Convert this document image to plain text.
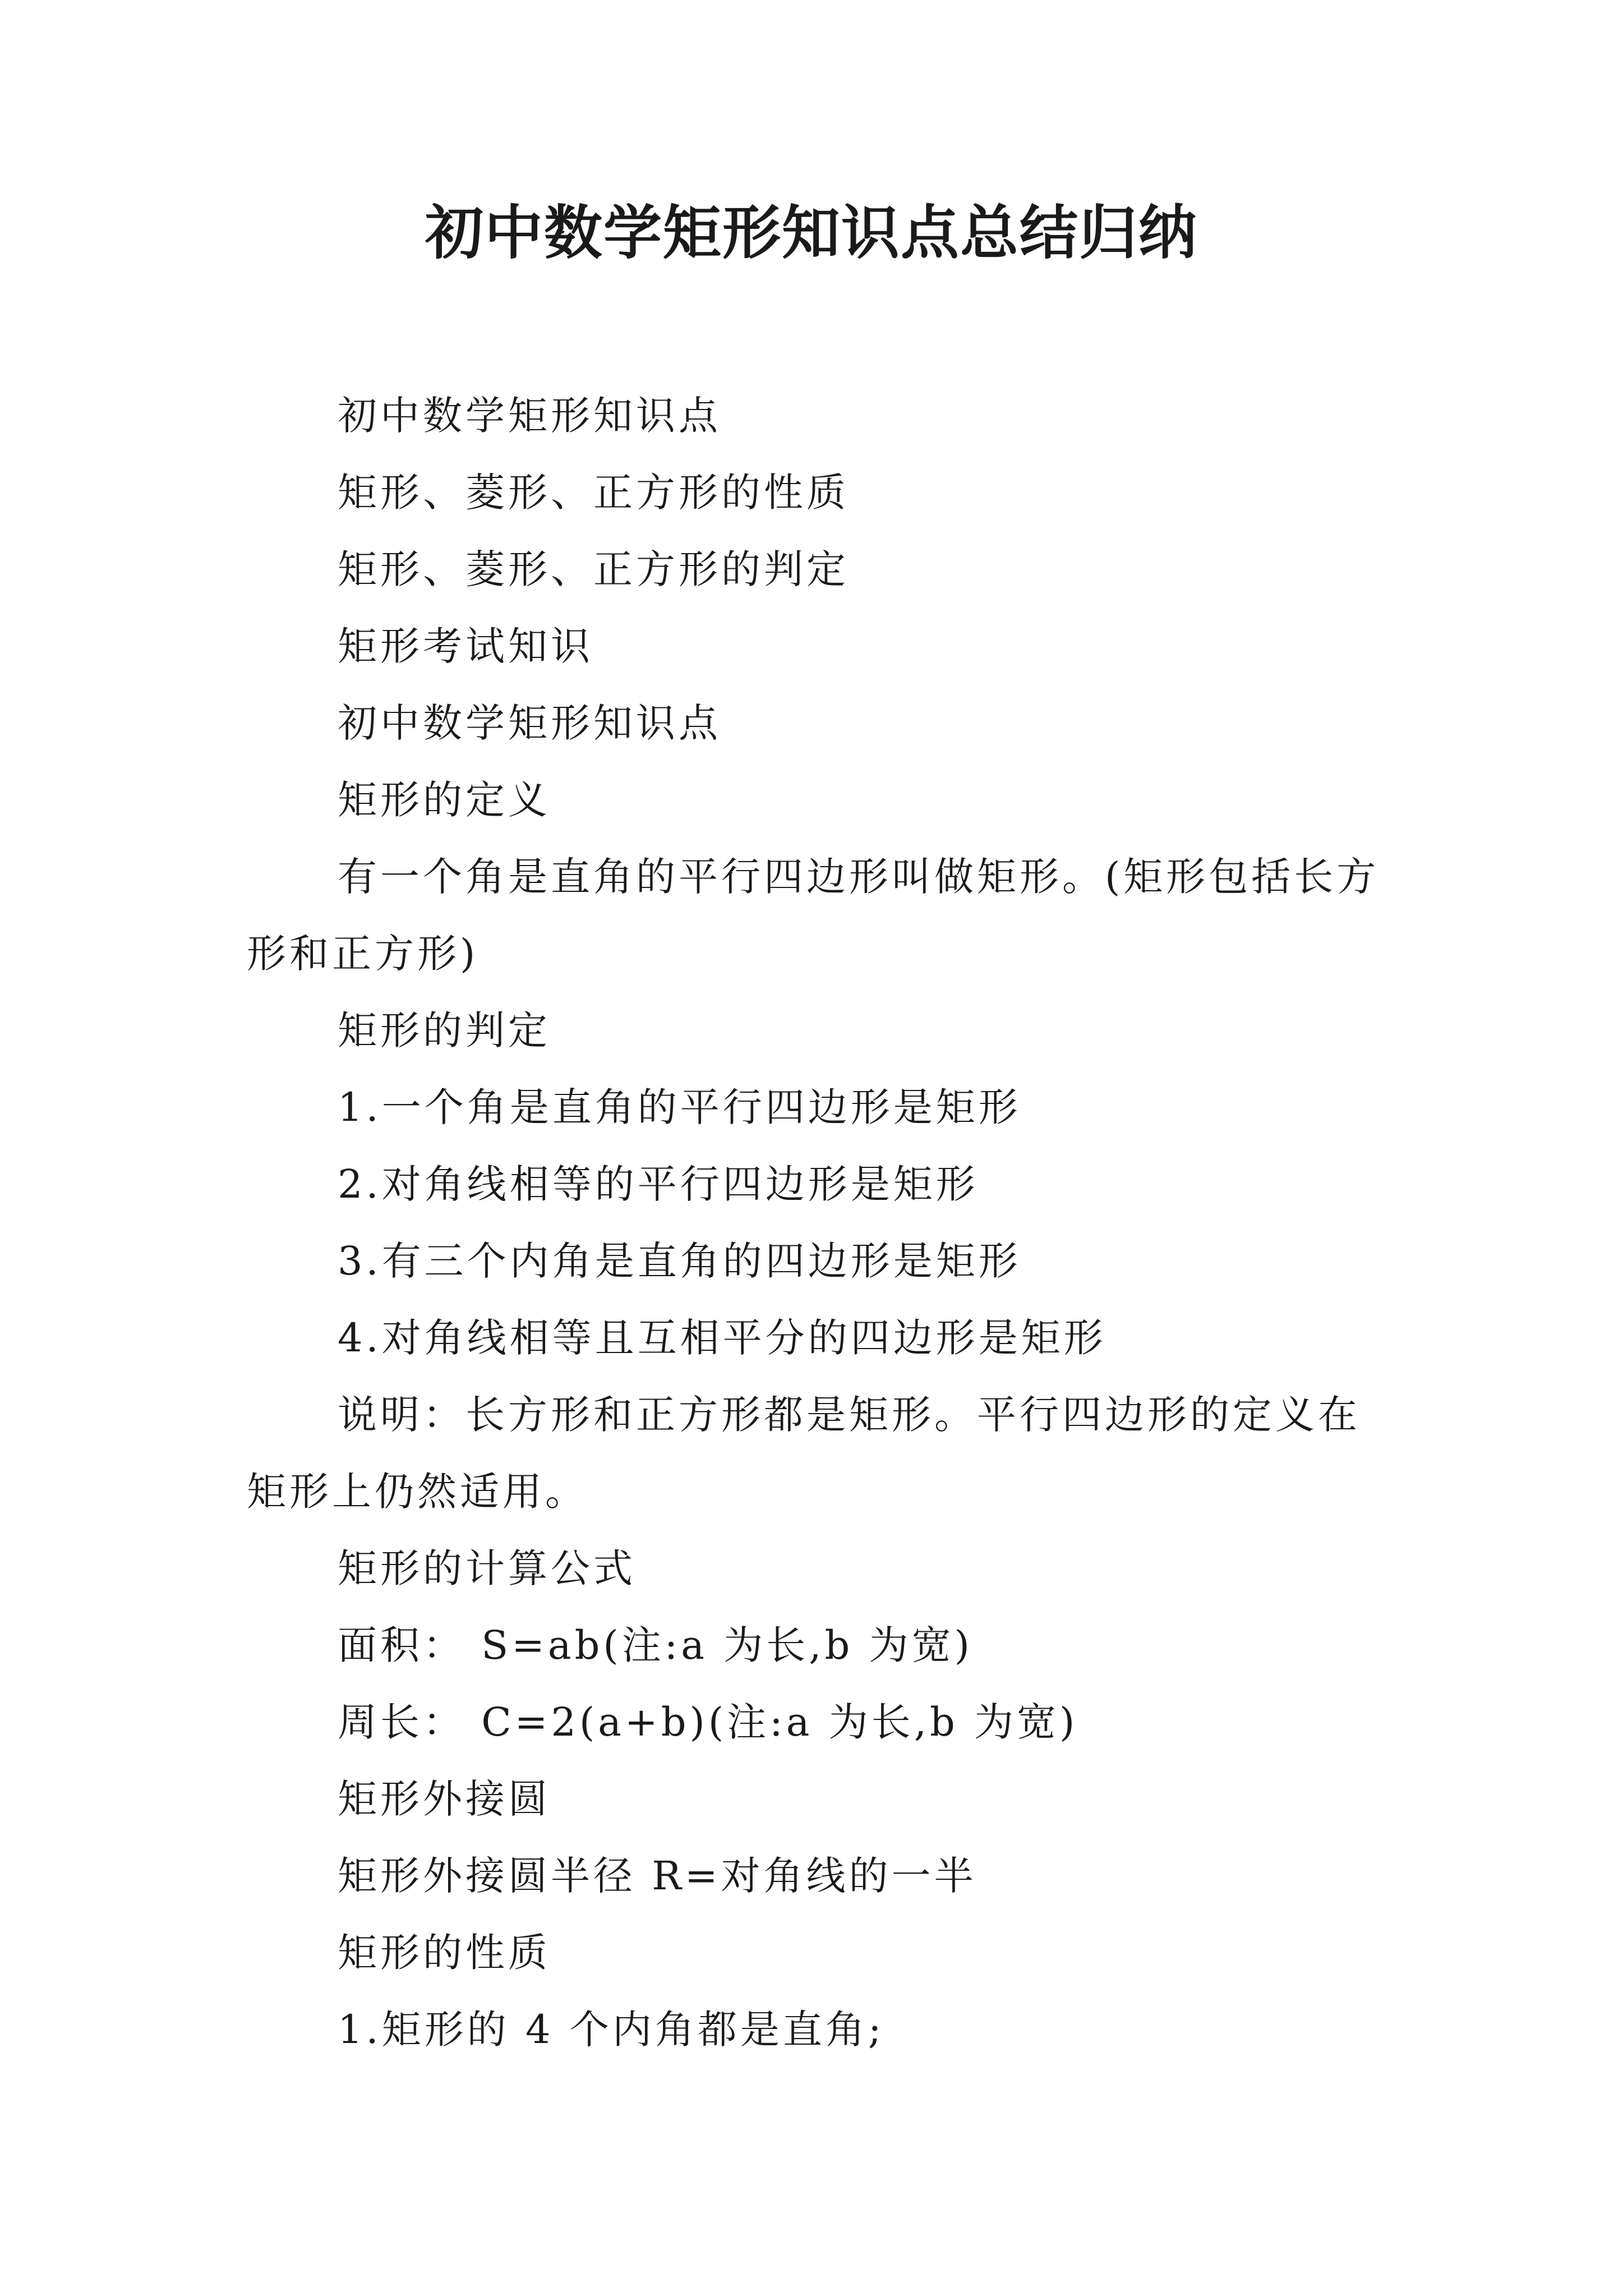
初中数学矩形知识点总结归纳

初中数学矩形知识点

矩形、菱形、正方形的性质

矩形、菱形、正方形的判定

矩形考试知识

初中数学矩形知识点

矩形的定义

有一个角是直角的平行四边形叫做矩形。(矩形包括长方形和正方形)

矩形的判定

1.一个角是直角的平行四边形是矩形

2.对角线相等的平行四边形是矩形

3.有三个内角是直角的四边形是矩形

4.对角线相等且互相平分的四边形是矩形

说明：长方形和正方形都是矩形。平行四边形的定义在矩形上仍然适用。

矩形的计算公式

面积： S=ab(注:a 为长,b 为宽)

周长： C=2(a+b)(注:a 为长,b 为宽)

矩形外接圆

矩形外接圆半径 R=对角线的一半

矩形的性质

1.矩形的 4 个内角都是直角;
